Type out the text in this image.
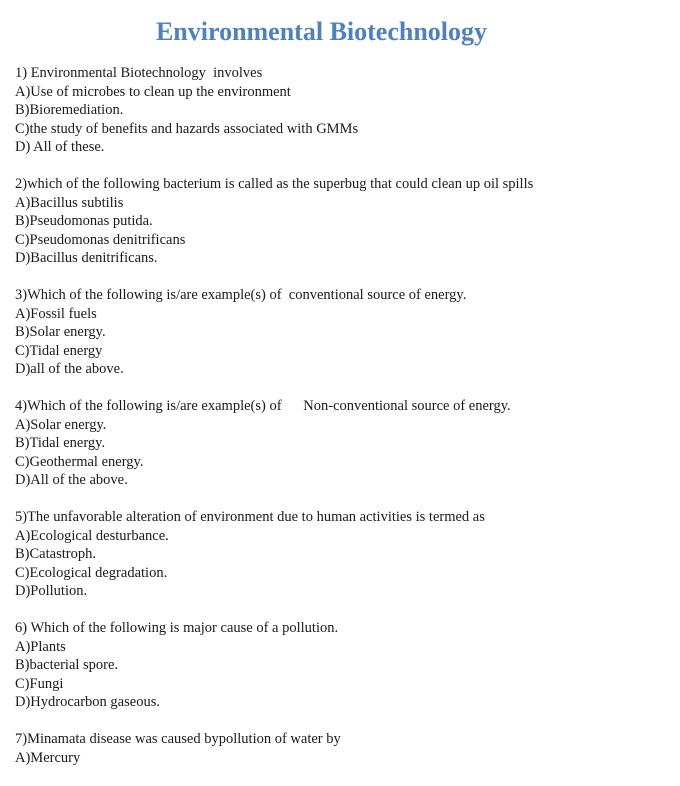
Environmental Biotechnology
1) Environmental Biotechnology  involves
A)Use of microbes to clean up the environment
B)Bioremediation.
C)the study of benefits and hazards associated with GMMs
D) All of these.
2)which of the following bacterium is called as the superbug that could clean up oil spills
A)Bacillus subtilis
B)Pseudomonas putida.
C)Pseudomonas denitrificans
D)Bacillus denitrificans.
3)Which of the following is/are example(s) of  conventional source of energy.
A)Fossil fuels
B)Solar energy.
C)Tidal energy
D)all of the above.
4)Which of the following is/are example(s) of      Non-conventional source of energy.
A)Solar energy.
B)Tidal energy.
C)Geothermal energy.
D)All of the above.
5)The unfavorable alteration of environment due to human activities is termed as
A)Ecological desturbance.
B)Catastroph.
C)Ecological degradation.
D)Pollution.
6) Which of the following is major cause of a pollution.
A)Plants
B)bacterial spore.
C)Fungi
D)Hydrocarbon gaseous.
7)Minamata disease was caused bypollution of water by
A)Mercury
